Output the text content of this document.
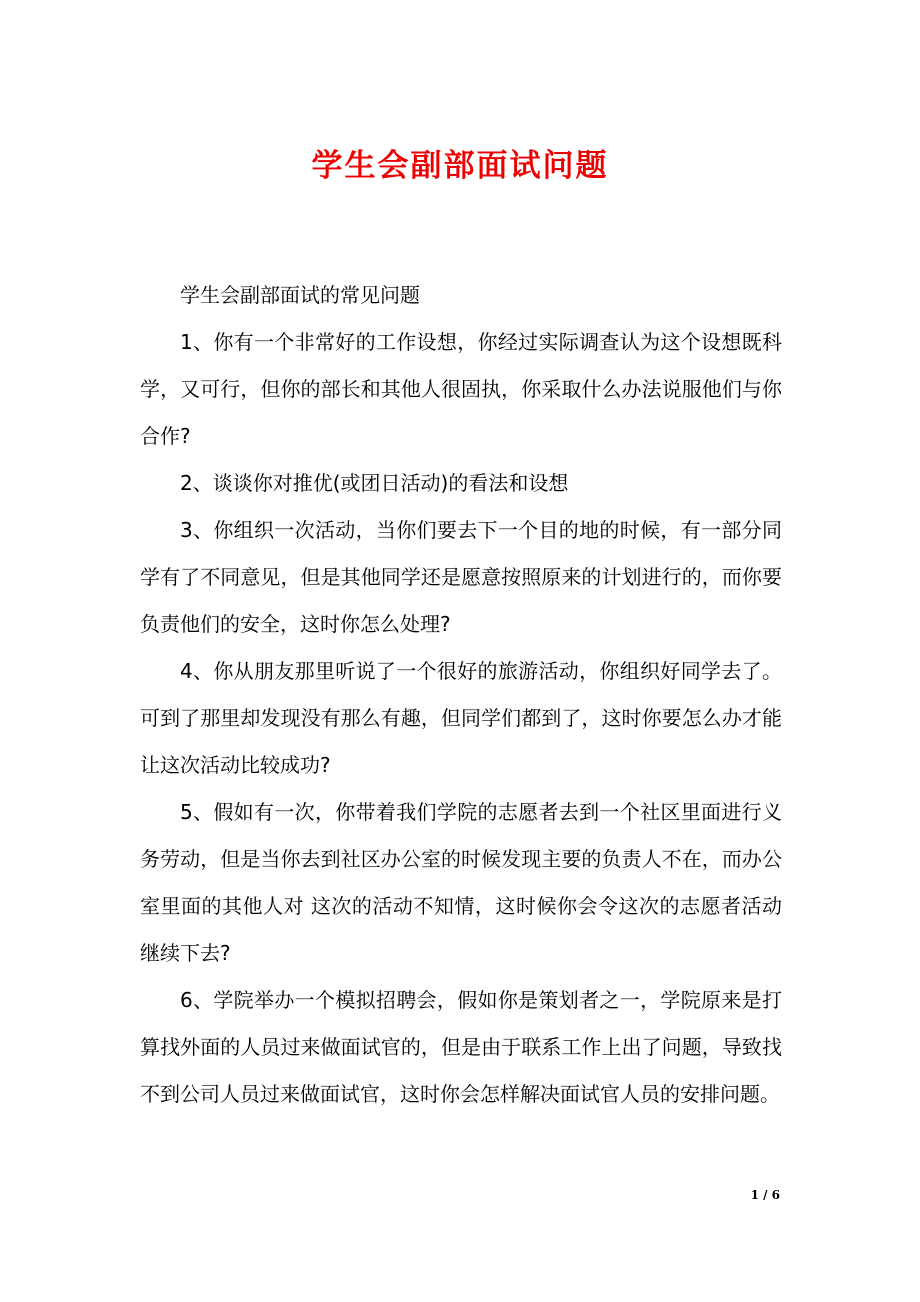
学生会副部面试问题

学生会副部面试的常见问题

1、你有一个非常好的工作设想，你经过实际调查认为这个设想既科学，又可行，但你的部长和其他人很固执，你采取什么办法说服他们与你合作?

2、谈谈你对推优(或团日活动)的看法和设想

3、你组织一次活动，当你们要去下一个目的地的时候，有一部分同学有了不同意见，但是其他同学还是愿意按照原来的计划进行的，而你要负责他们的安全，这时你怎么处理?

4、你从朋友那里听说了一个很好的旅游活动，你组织好同学去了。可到了那里却发现没有那么有趣，但同学们都到了，这时你要怎么办才能让这次活动比较成功?

5、假如有一次，你带着我们学院的志愿者去到一个社区里面进行义务劳动，但是当你去到社区办公室的时候发现主要的负责人不在，而办公室里面的其他人对 这次的活动不知情，这时候你会令这次的志愿者活动继续下去?

6、学院举办一个模拟招聘会，假如你是策划者之一，学院原来是打算找外面的人员过来做面试官的，但是由于联系工作上出了问题，导致找不到公司人员过来做面试官，这时你会怎样解决面试官人员的安排问题。

1 / 6
